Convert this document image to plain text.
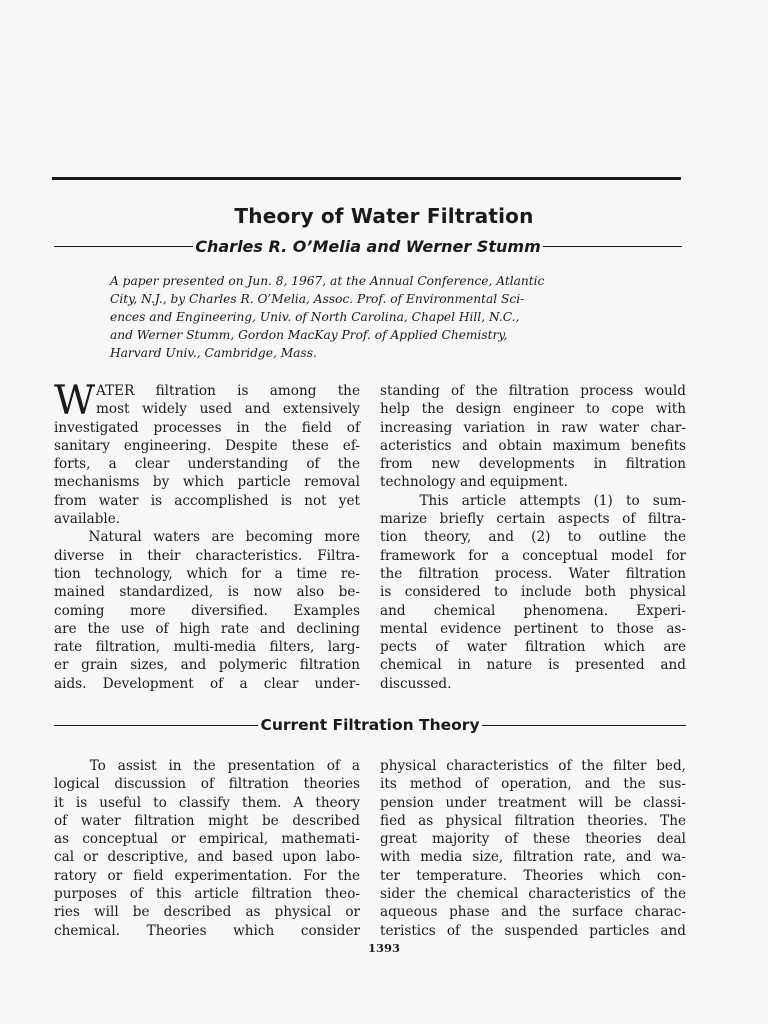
Theory of Water Filtration
Charles R. O’Melia and Werner Stumm
A paper presented on Jun. 8, 1967, at the Annual Conference, Atlantic
City, N.J., by Charles R. O’Melia, Assoc. Prof. of Environmental Sci-
ences and Engineering, Univ. of North Carolina, Chapel Hill, N.C.,
and Werner Stumm, Gordon MacKay Prof. of Applied Chemistry,
Harvard Univ., Cambridge, Mass.
W ATER filtration is among the
most widely used and extensively
investigated processes in the field of
sanitary engineering. Despite these ef-
forts, a clear understanding of the
mechanisms by which particle removal
from water is accomplished is not yet
available.
Natural waters are becoming more
diverse in their characteristics. Filtra-
tion technology, which for a time re-
mained standardized, is now also be-
coming more diversified. Examples
are the use of high rate and declining
rate filtration, multi-media filters, larg-
er grain sizes, and polymeric filtration
aids. Development of a clear under-
standing of the filtration process would
help the design engineer to cope with
increasing variation in raw water char-
acteristics and obtain maximum benefits
from new developments in filtration
technology and equipment.
This article attempts (1) to sum-
marize briefly certain aspects of filtra-
tion theory, and (2) to outline the
framework for a conceptual model for
the filtration process. Water filtration
is considered to include both physical
and chemical phenomena. Experi-
mental evidence pertinent to those as-
pects of water filtration which are
chemical in nature is presented and
discussed.
Current Filtration Theory
To assist in the presentation of a
logical discussion of filtration theories
it is useful to classify them. A theory
of water filtration might be described
as conceptual or empirical, mathemati-
cal or descriptive, and based upon labo-
ratory or field experimentation. For the
purposes of this article filtration theo-
ries will be described as physical or
chemical. Theories which consider
physical characteristics of the filter bed,
its method of operation, and the sus-
pension under treatment will be classi-
fied as physical filtration theories. The
great majority of these theories deal
with media size, filtration rate, and wa-
ter temperature. Theories which con-
sider the chemical characteristics of the
aqueous phase and the surface charac-
teristics of the suspended particles and
1393
